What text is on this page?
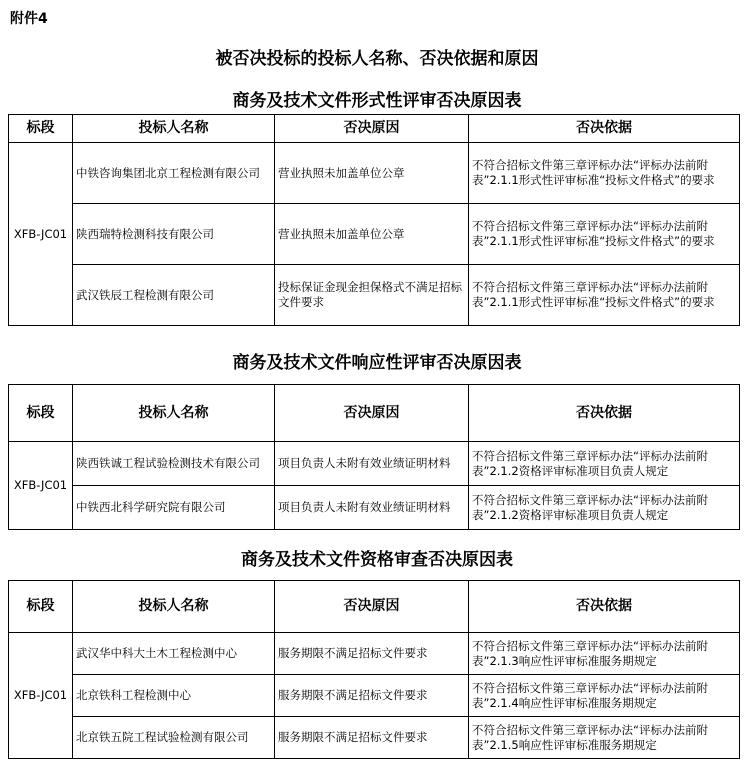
附件4
被否决投标的投标人名称、否决依据和原因
商务及技术文件形式性评审否决原因表
标段	投标人名称	否决原因	否决依据
XFB-JC01	中铁咨询集团北京工程检测有限公司	营业执照未加盖单位公章	不符合招标文件第三章评标办法“评标办法前附表”2.1.1形式性评审标准“投标文件格式”的要求
	陕西瑞特检测科技有限公司	营业执照未加盖单位公章	不符合招标文件第三章评标办法“评标办法前附表”2.1.1形式性评审标准“投标文件格式”的要求
	武汉铁辰工程检测有限公司	投标保证金现金担保格式不满足招标文件要求	不符合招标文件第三章评标办法“评标办法前附表”2.1.1形式性评审标准“投标文件格式”的要求
商务及技术文件响应性评审否决原因表
标段	投标人名称	否决原因	否决依据
XFB-JC01	陕西铁诚工程试验检测技术有限公司	项目负责人未附有效业绩证明材料	不符合招标文件第三章评标办法“评标办法前附表”2.1.2资格评审标准项目负责人规定
	中铁西北科学研究院有限公司	项目负责人未附有效业绩证明材料	不符合招标文件第三章评标办法“评标办法前附表”2.1.2资格评审标准项目负责人规定
商务及技术文件资格审查否决原因表
标段	投标人名称	否决原因	否决依据
XFB-JC01	武汉华中科大土木工程检测中心	服务期限不满足招标文件要求	不符合招标文件第三章评标办法“评标办法前附表”2.1.3响应性评审标准服务期规定
	北京铁科工程检测中心	服务期限不满足招标文件要求	不符合招标文件第三章评标办法“评标办法前附表”2.1.4响应性评审标准服务期规定
	北京铁五院工程试验检测有限公司	服务期限不满足招标文件要求	不符合招标文件第三章评标办法“评标办法前附表”2.1.5响应性评审标准服务期规定
